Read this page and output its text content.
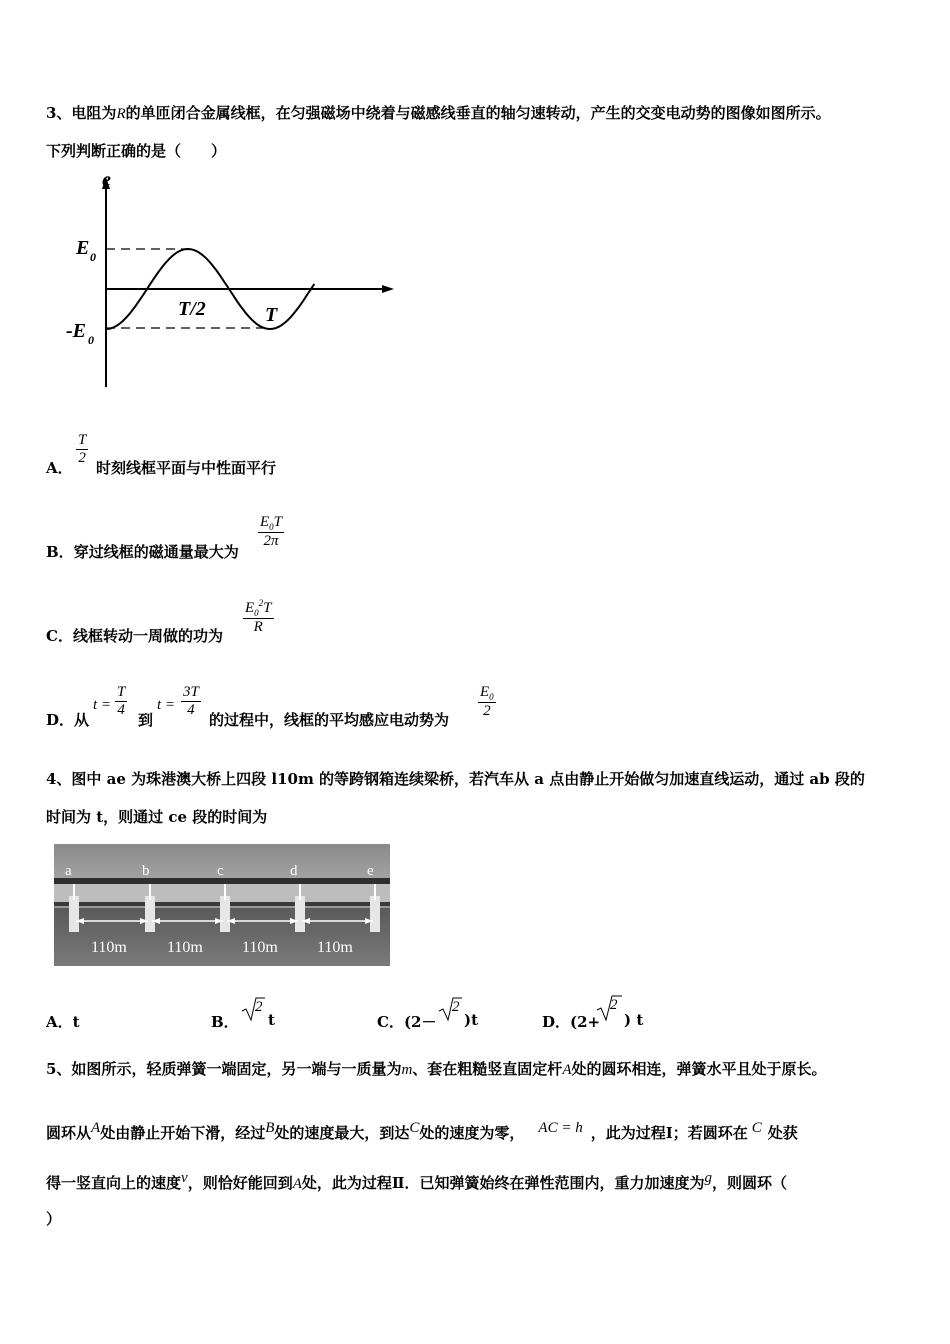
3、电阻为R的单匝闭合金属线框，在匀强磁场中绕着与磁感线垂直的轴匀速转动，产生的交变电动势的图像如图所示。
下列判断正确的是（　　）
e
E 0
-E 0
T/2	T
T
2
A． 时刻线框平面与中性面平行
B．穿过线框的磁通量最大为
$E_0T$
2π
C．线框转动一周做的功为
$E_0^2T$
R
D．从
t =
T
4
到
t =
3T
4
的过程中，线框的平均感应电动势为
$E_0$
2
4、图中 ae 为珠港澳大桥上四段 l10m 的等跨钢箱连续梁桥，若汽车从 a 点由静止开始做匀加速直线运动，通过 ab 段的
时间为 t，则通过 ce 段的时间为
a	b	c	d	e
110m	110m 110m 110m
A．t	B．
2
t	C．(2－
2
)t	D．(2+
2
) t
5、如图所示，轻质弹簧一端固定，另一端与一质量为m、套在粗糙竖直固定杆A处的圆环相连，弹簧水平且处于原长。
圆环从$^A$处由静止开始下滑，经过$^B$处的速度最大，到达$^C$处的速度为零， $^{AC = h}$ ，此为过程Ⅰ；若圆环在 $^C$ 处获
得一竖直向上的速度$^v$，则恰好能回到A处，此为过程Ⅱ．已知弹簧始终在弹性范围内，重力加速度为$^g$，则圆环（
）
